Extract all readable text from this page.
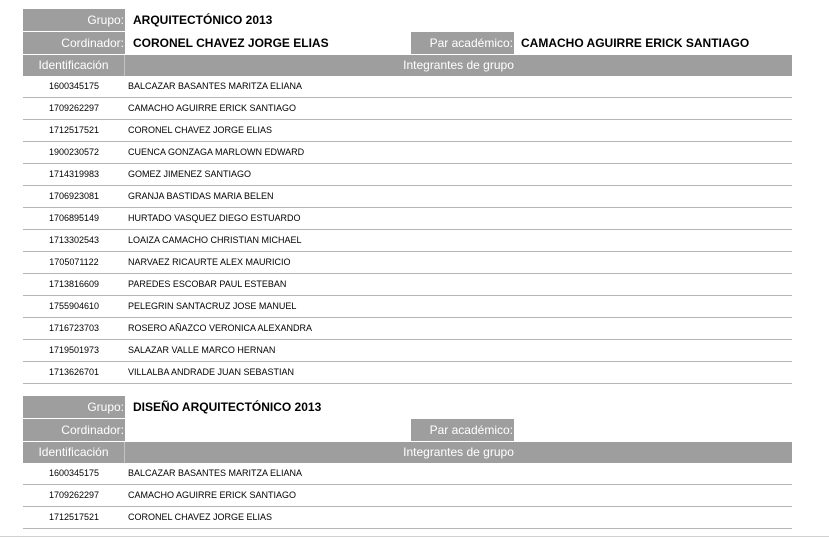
Grupo: ARQUITECTÓNICO 2013
Cordinador: CORONEL CHAVEZ JORGE ELIAS	Par académico: CAMACHO AGUIRRE ERICK SANTIAGO
Identificación	Integrantes de grupo
1600345175	BALCAZAR BASANTES MARITZA ELIANA
1709262297	CAMACHO AGUIRRE ERICK SANTIAGO
1712517521	CORONEL CHAVEZ JORGE ELIAS
1900230572	CUENCA GONZAGA MARLOWN EDWARD
1714319983	GOMEZ JIMENEZ SANTIAGO
1706923081	GRANJA BASTIDAS MARIA BELEN
1706895149	HURTADO VASQUEZ DIEGO ESTUARDO
1713302543	LOAIZA CAMACHO CHRISTIAN MICHAEL
1705071122	NARVAEZ RICAURTE ALEX MAURICIO
1713816609	PAREDES ESCOBAR PAUL ESTEBAN
1755904610	PELEGRIN SANTACRUZ JOSE MANUEL
1716723703	ROSERO AÑAZCO VERONICA ALEXANDRA
1719501973	SALAZAR VALLE MARCO HERNAN
1713626701	VILLALBA ANDRADE JUAN SEBASTIAN
Grupo: DISEÑO ARQUITECTÓNICO 2013
Cordinador:	Par académico:
Identificación	Integrantes de grupo
1600345175	BALCAZAR BASANTES MARITZA ELIANA
1709262297	CAMACHO AGUIRRE ERICK SANTIAGO
1712517521	CORONEL CHAVEZ JORGE ELIAS
